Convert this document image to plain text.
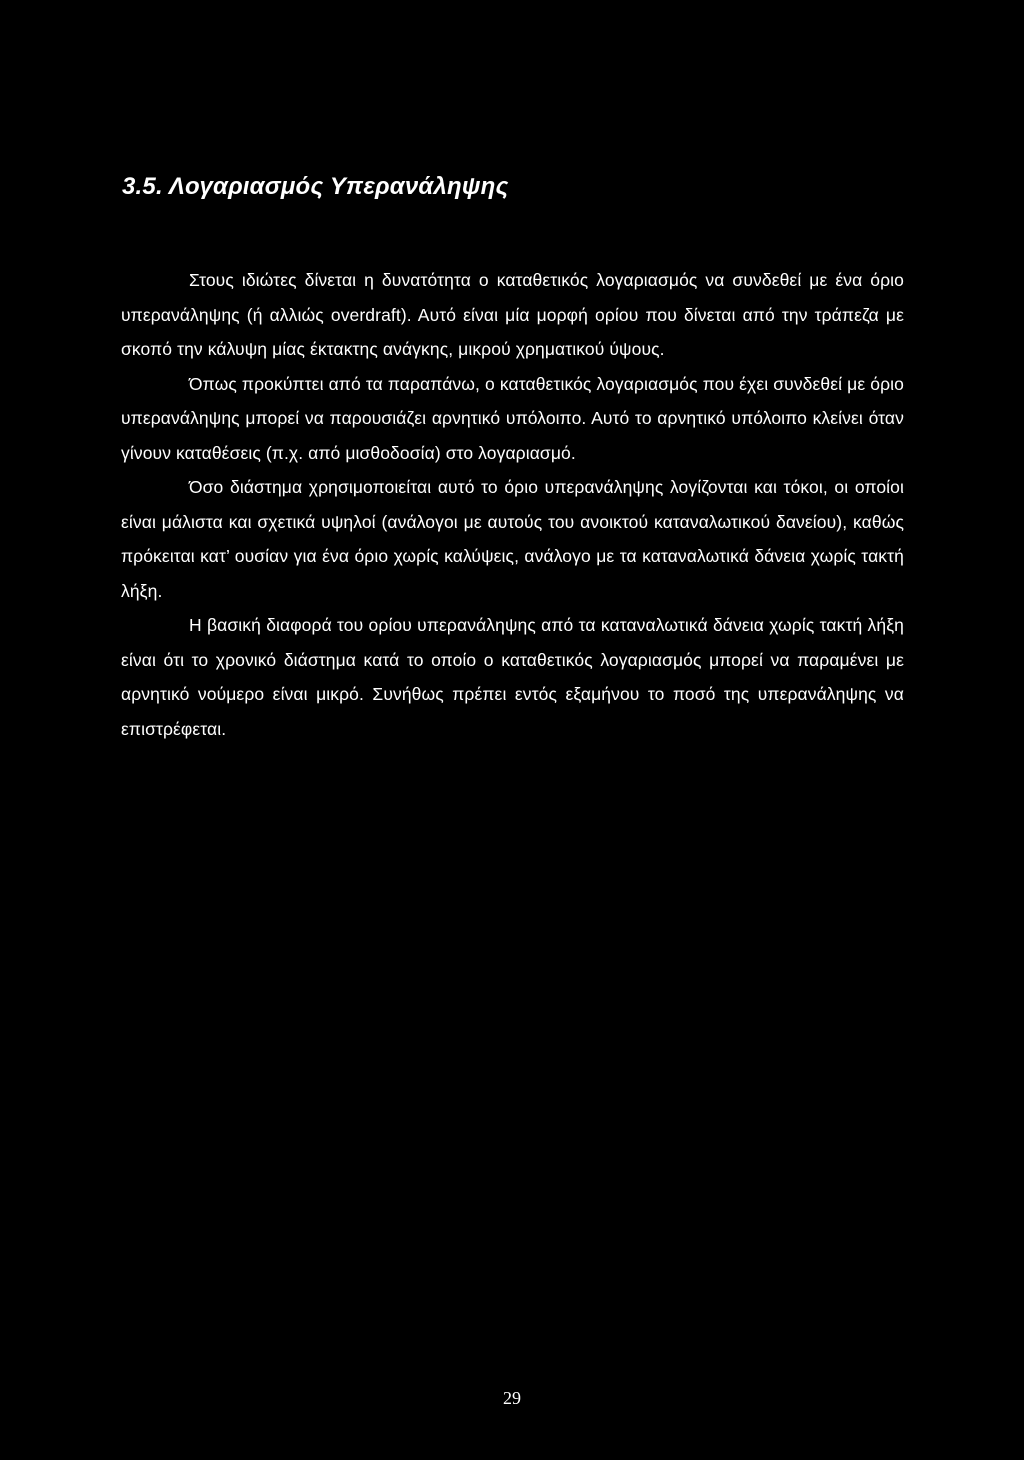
3.5. Λογαριασμός Υπερανάληψης

Στους ιδιώτες δίνεται η δυνατότητα ο καταθετικός λογαριασμός να συνδεθεί με ένα όριο υπερανάληψης (ή αλλιώς overdraft). Αυτό είναι μία μορφή ορίου που δίνεται από την τράπεζα με σκοπό την κάλυψη μίας έκτακτης ανάγκης, μικρού χρηματικού ύψους.

Όπως προκύπτει από τα παραπάνω, ο καταθετικός λογαριασμός που έχει συνδεθεί με όριο υπερανάληψης μπορεί να παρουσιάζει αρνητικό υπόλοιπο. Αυτό το αρνητικό υπόλοιπο κλείνει όταν γίνουν καταθέσεις (π.χ. από μισθοδοσία) στο λογαριασμό.

Όσο διάστημα χρησιμοποιείται αυτό το όριο υπερανάληψης λογίζονται και τόκοι, οι οποίοι είναι μάλιστα και σχετικά υψηλοί (ανάλογοι με αυτούς του ανοικτού καταναλωτικού δανείου), καθώς πρόκειται κατ’ ουσίαν για ένα όριο χωρίς καλύψεις, ανάλογο με τα καταναλωτικά δάνεια χωρίς τακτή λήξη.

Η βασική διαφορά του ορίου υπερανάληψης από τα καταναλωτικά δάνεια χωρίς τακτή λήξη είναι ότι το χρονικό διάστημα κατά το οποίο ο καταθετικός λογαριασμός μπορεί να παραμένει με αρνητικό νούμερο είναι μικρό. Συνήθως πρέπει εντός εξαμήνου το ποσό της υπερανάληψης να επιστρέφεται.

29
